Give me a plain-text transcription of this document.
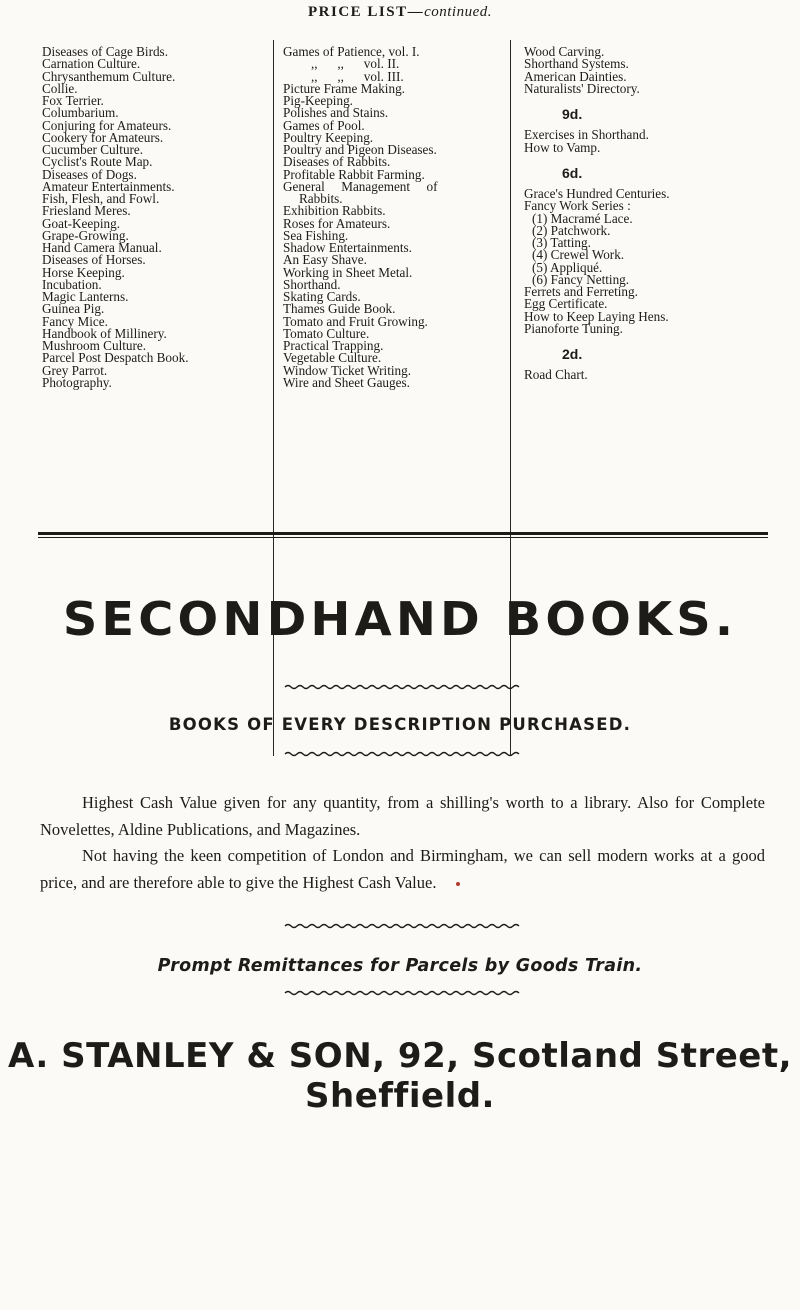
PRICE LIST—continued.
Diseases of Cage Birds.
Carnation Culture.
Chrysanthemum Culture.
Collie.
Fox Terrier.
Columbarium.
Conjuring for Amateurs.
Cookery for Amateurs.
Cucumber Culture.
Cyclist's Route Map.
Diseases of Dogs.
Amateur Entertainments.
Fish, Flesh, and Fowl.
Friesland Meres.
Goat-Keeping.
Grape-Growing.
Hand Camera Manual.
Diseases of Horses.
Horse Keeping.
Incubation.
Magic Lanterns.
Guinea Pig.
Fancy Mice.
Handbook of Millinery.
Mushroom Culture.
Parcel Post Despatch Book.
Grey Parrot.
Photography.
Games of Patience, vol. I.
,,      ,,      vol. II.
,,      ,,      vol. III.
Picture Frame Making.
Pig-Keeping.
Polishes and Stains.
Games of Pool.
Poultry Keeping.
Poultry and Pigeon Diseases.
Diseases of Rabbits.
Profitable Rabbit Farming.
General     Management     of
Rabbits.
Exhibition Rabbits.
Roses for Amateurs.
Sea Fishing.
Shadow Entertainments.
An Easy Shave.
Working in Sheet Metal.
Shorthand.
Skating Cards.
Thames Guide Book.
Tomato and Fruit Growing.
Tomato Culture.
Practical Trapping.
Vegetable Culture.
Window Ticket Writing.
Wire and Sheet Gauges.
Wood Carving.
Shorthand Systems.
American Dainties.
Naturalists' Directory.
9d.
Exercises in Shorthand.
How to Vamp.
6d.
Grace's Hundred Centuries.
Fancy Work Series :
(1) Macramé Lace.
(2) Patchwork.
(3) Tatting.
(4) Crewel Work.
(5) Appliqué.
(6) Fancy Netting.
Ferrets and Ferreting.
Egg Certificate.
How to Keep Laying Hens.
Pianoforte Tuning.
2d.
Road Chart.
SECONDHAND BOOKS.
BOOKS OF EVERY DESCRIPTION PURCHASED.

Highest Cash Value given for any quantity, from a shilling's worth to a library. Also for Complete Novelettes, Aldine Publications, and Magazines.

Not having the keen competition of London and Birmingham, we can sell modern works at a good price, and are therefore able to give the Highest Cash Value.

Prompt Remittances for Parcels by Goods Train.
A. STANLEY & SON, 92, Scotland Street, Sheffield.
